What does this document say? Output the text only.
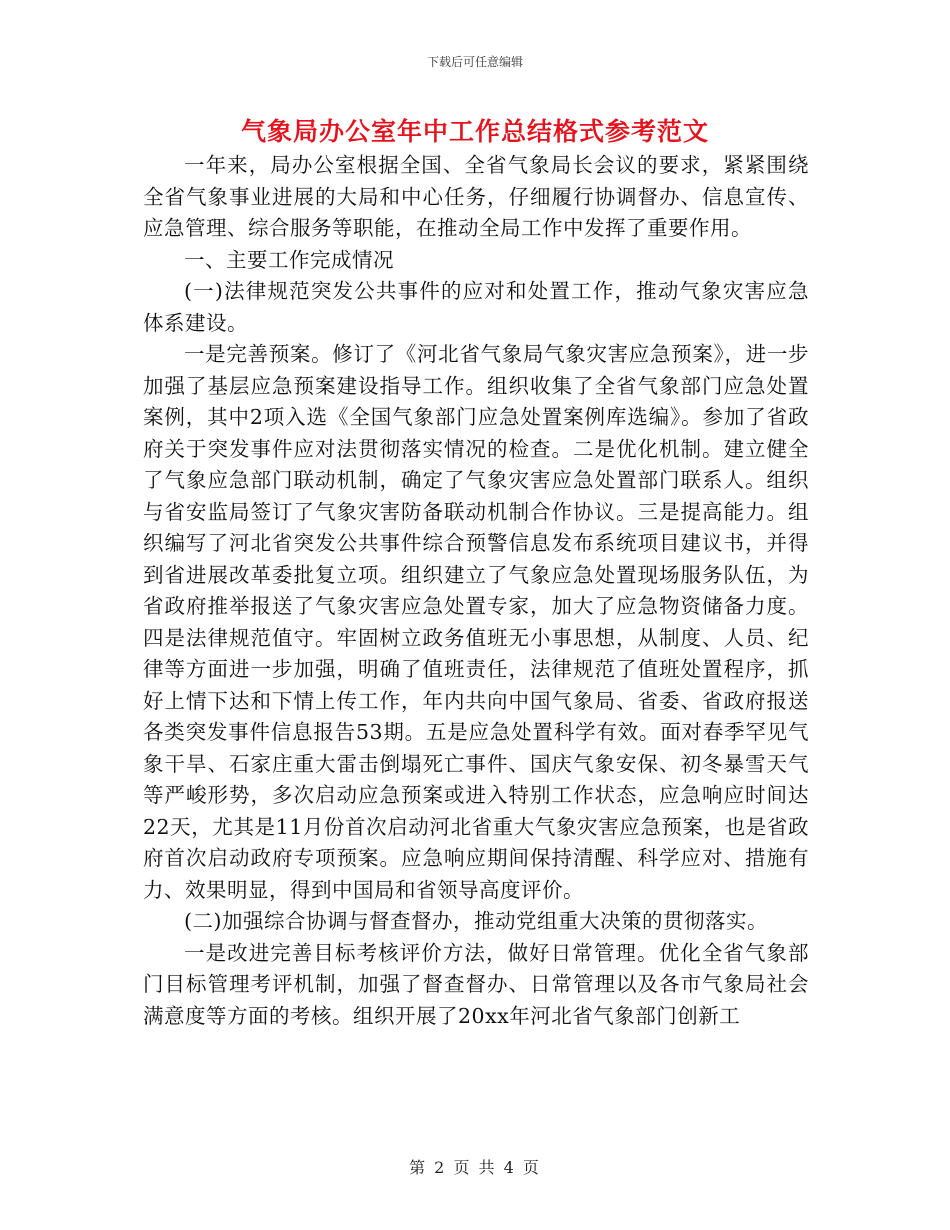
下载后可任意编辑
气象局办公室年中工作总结格式参考范文

一年来，局办公室根据全国、全省气象局长会议的要求，紧紧围绕全省气象事业进展的大局和中心任务，仔细履行协调督办、信息宣传、应急管理、综合服务等职能，在推动全局工作中发挥了重要作用。

一、主要工作完成情况

(一)法律规范突发公共事件的应对和处置工作，推动气象灾害应急体系建设。

一是完善预案。修订了《河北省气象局气象灾害应急预案》，进一步加强了基层应急预案建设指导工作。组织收集了全省气象部门应急处置案例，其中2项入选《全国气象部门应急处置案例库选编》。参加了省政府关于突发事件应对法贯彻落实情况的检查。二是优化机制。建立健全了气象应急部门联动机制，确定了气象灾害应急处置部门联系人。组织与省安监局签订了气象灾害防备联动机制合作协议。三是提高能力。组织编写了河北省突发公共事件综合预警信息发布系统项目建议书，并得到省进展改革委批复立项。组织建立了气象应急处置现场服务队伍，为省政府推举报送了气象灾害应急处置专家，加大了应急物资储备力度。四是法律规范值守。牢固树立政务值班无小事思想，从制度、人员、纪律等方面进一步加强，明确了值班责任，法律规范了值班处置程序，抓好上情下达和下情上传工作，年内共向中国气象局、省委、省政府报送各类突发事件信息报告53期。五是应急处置科学有效。面对春季罕见气象干旱、石家庄重大雷击倒塌死亡事件、国庆气象安保、初冬暴雪天气等严峻形势，多次启动应急预案或进入特别工作状态，应急响应时间达22天，尤其是11月份首次启动河北省重大气象灾害应急预案，也是省政府首次启动政府专项预案。应急响应期间保持清醒、科学应对、措施有力、效果明显，得到中国局和省领导高度评价。

(二)加强综合协调与督查督办，推动党组重大决策的贯彻落实。

一是改进完善目标考核评价方法，做好日常管理。优化全省气象部门目标管理考评机制，加强了督查督办、日常管理以及各市气象局社会满意度等方面的考核。组织开展了20xx年河北省气象部门创新工

第 2 页 共 4 页
